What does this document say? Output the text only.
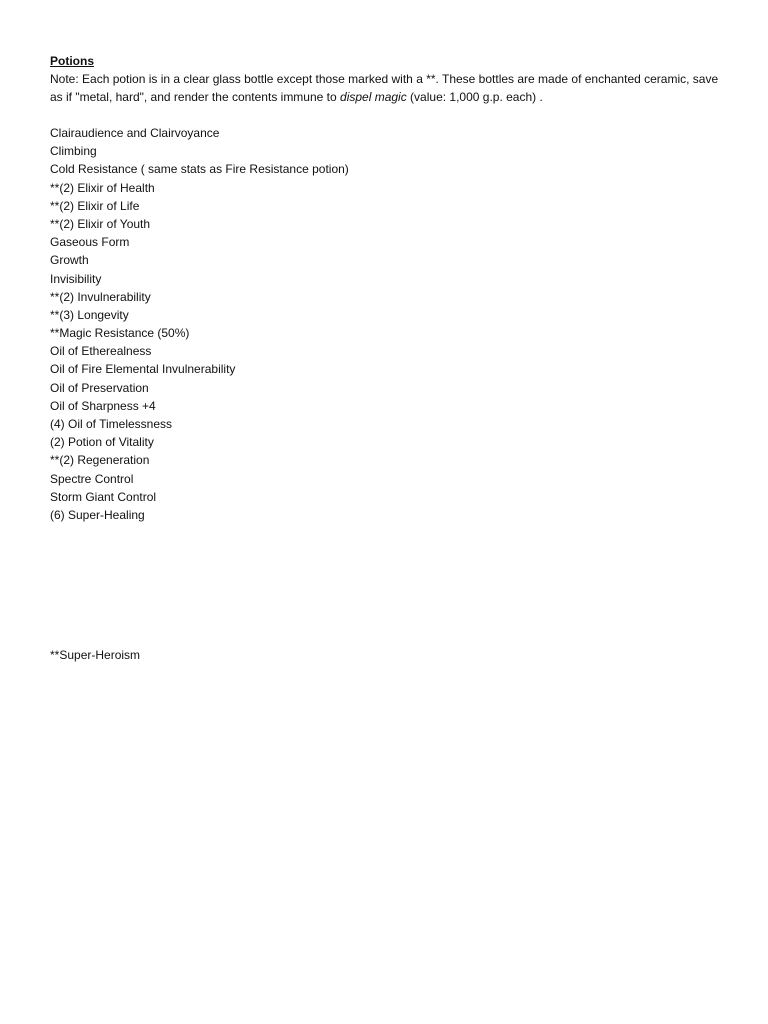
Potions

Note: Each potion is in a clear glass bottle except those marked with a **. These bottles are made of enchanted ceramic, save as if "metal, hard", and render the contents immune to dispel magic (value: 1,000 g.p. each) .

Clairaudience and Clairvoyance
Climbing
Cold Resistance ( same stats as Fire Resistance potion)
**(2) Elixir of Health
**(2) Elixir of Life
**(2) Elixir of Youth
Gaseous Form
Growth
Invisibility
**(2) Invulnerability
**(3) Longevity
**Magic Resistance (50%)
Oil of Etherealness
Oil of Fire Elemental Invulnerability
Oil of Preservation
Oil of Sharpness +4
(4) Oil of Timelessness
(2) Potion of Vitality
**(2) Regeneration
Spectre Control
Storm Giant Control
(6) Super-Healing
**Super-Heroism
